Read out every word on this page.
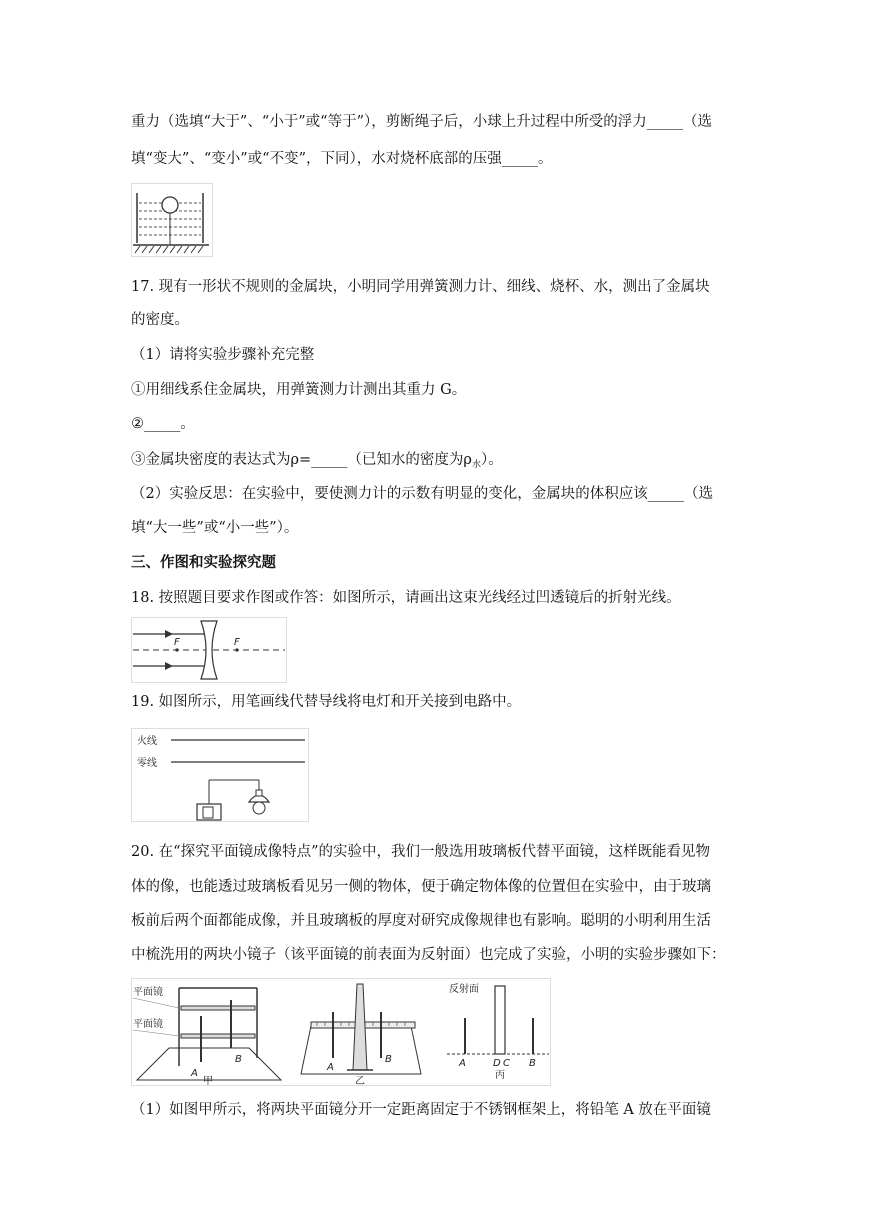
重力（选填“大于”、“小于”或“等于”），剪断绳子后，小球上升过程中所受的浮力_____（选
填“变大”、“变小”或“不变”，下同），水对烧杯底部的压强_____。
17. 现有一形状不规则的金属块，小明同学用弹簧测力计、细线、烧杯、水，测出了金属块
的密度。
（1）请将实验步骤补充完整
①用细线系住金属块，用弹簧测力计测出其重力 G。
②_____。
③金属块密度的表达式为ρ=_____（已知水的密度为$\rho_水$）。
（2）实验反思：在实验中，要使测力计的示数有明显的变化，金属块的体积应该_____（选
填“大一些”或“小一些”）。
三、作图和实验探究题
18. 按照题目要求作图或作答：如图所示，请画出这束光线经过凹透镜后的折射光线。
F	F
19. 如图所示，用笔画线代替导线将电灯和开关接到电路中。
火线
零线
20. 在“探究平面镜成像特点”的实验中，我们一般选用玻璃板代替平面镜，这样既能看见物
体的像，也能透过玻璃板看见另一侧的物体，便于确定物体像的位置但在实验中，由于玻璃
板前后两个面都能成像，并且玻璃板的厚度对研究成像规律也有影响。聪明的小明利用生活
中梳洗用的两块小镜子（该平面镜的前表面为反射面）也完成了实验，小明的实验步骤如下：
平面镜
平面镜
A
B
甲
A
B
乙
反射面
A	D C B
丙
（1）如图甲所示，将两块平面镜分开一定距离固定于不锈钢框架上，将铅笔 A 放在平面镜
